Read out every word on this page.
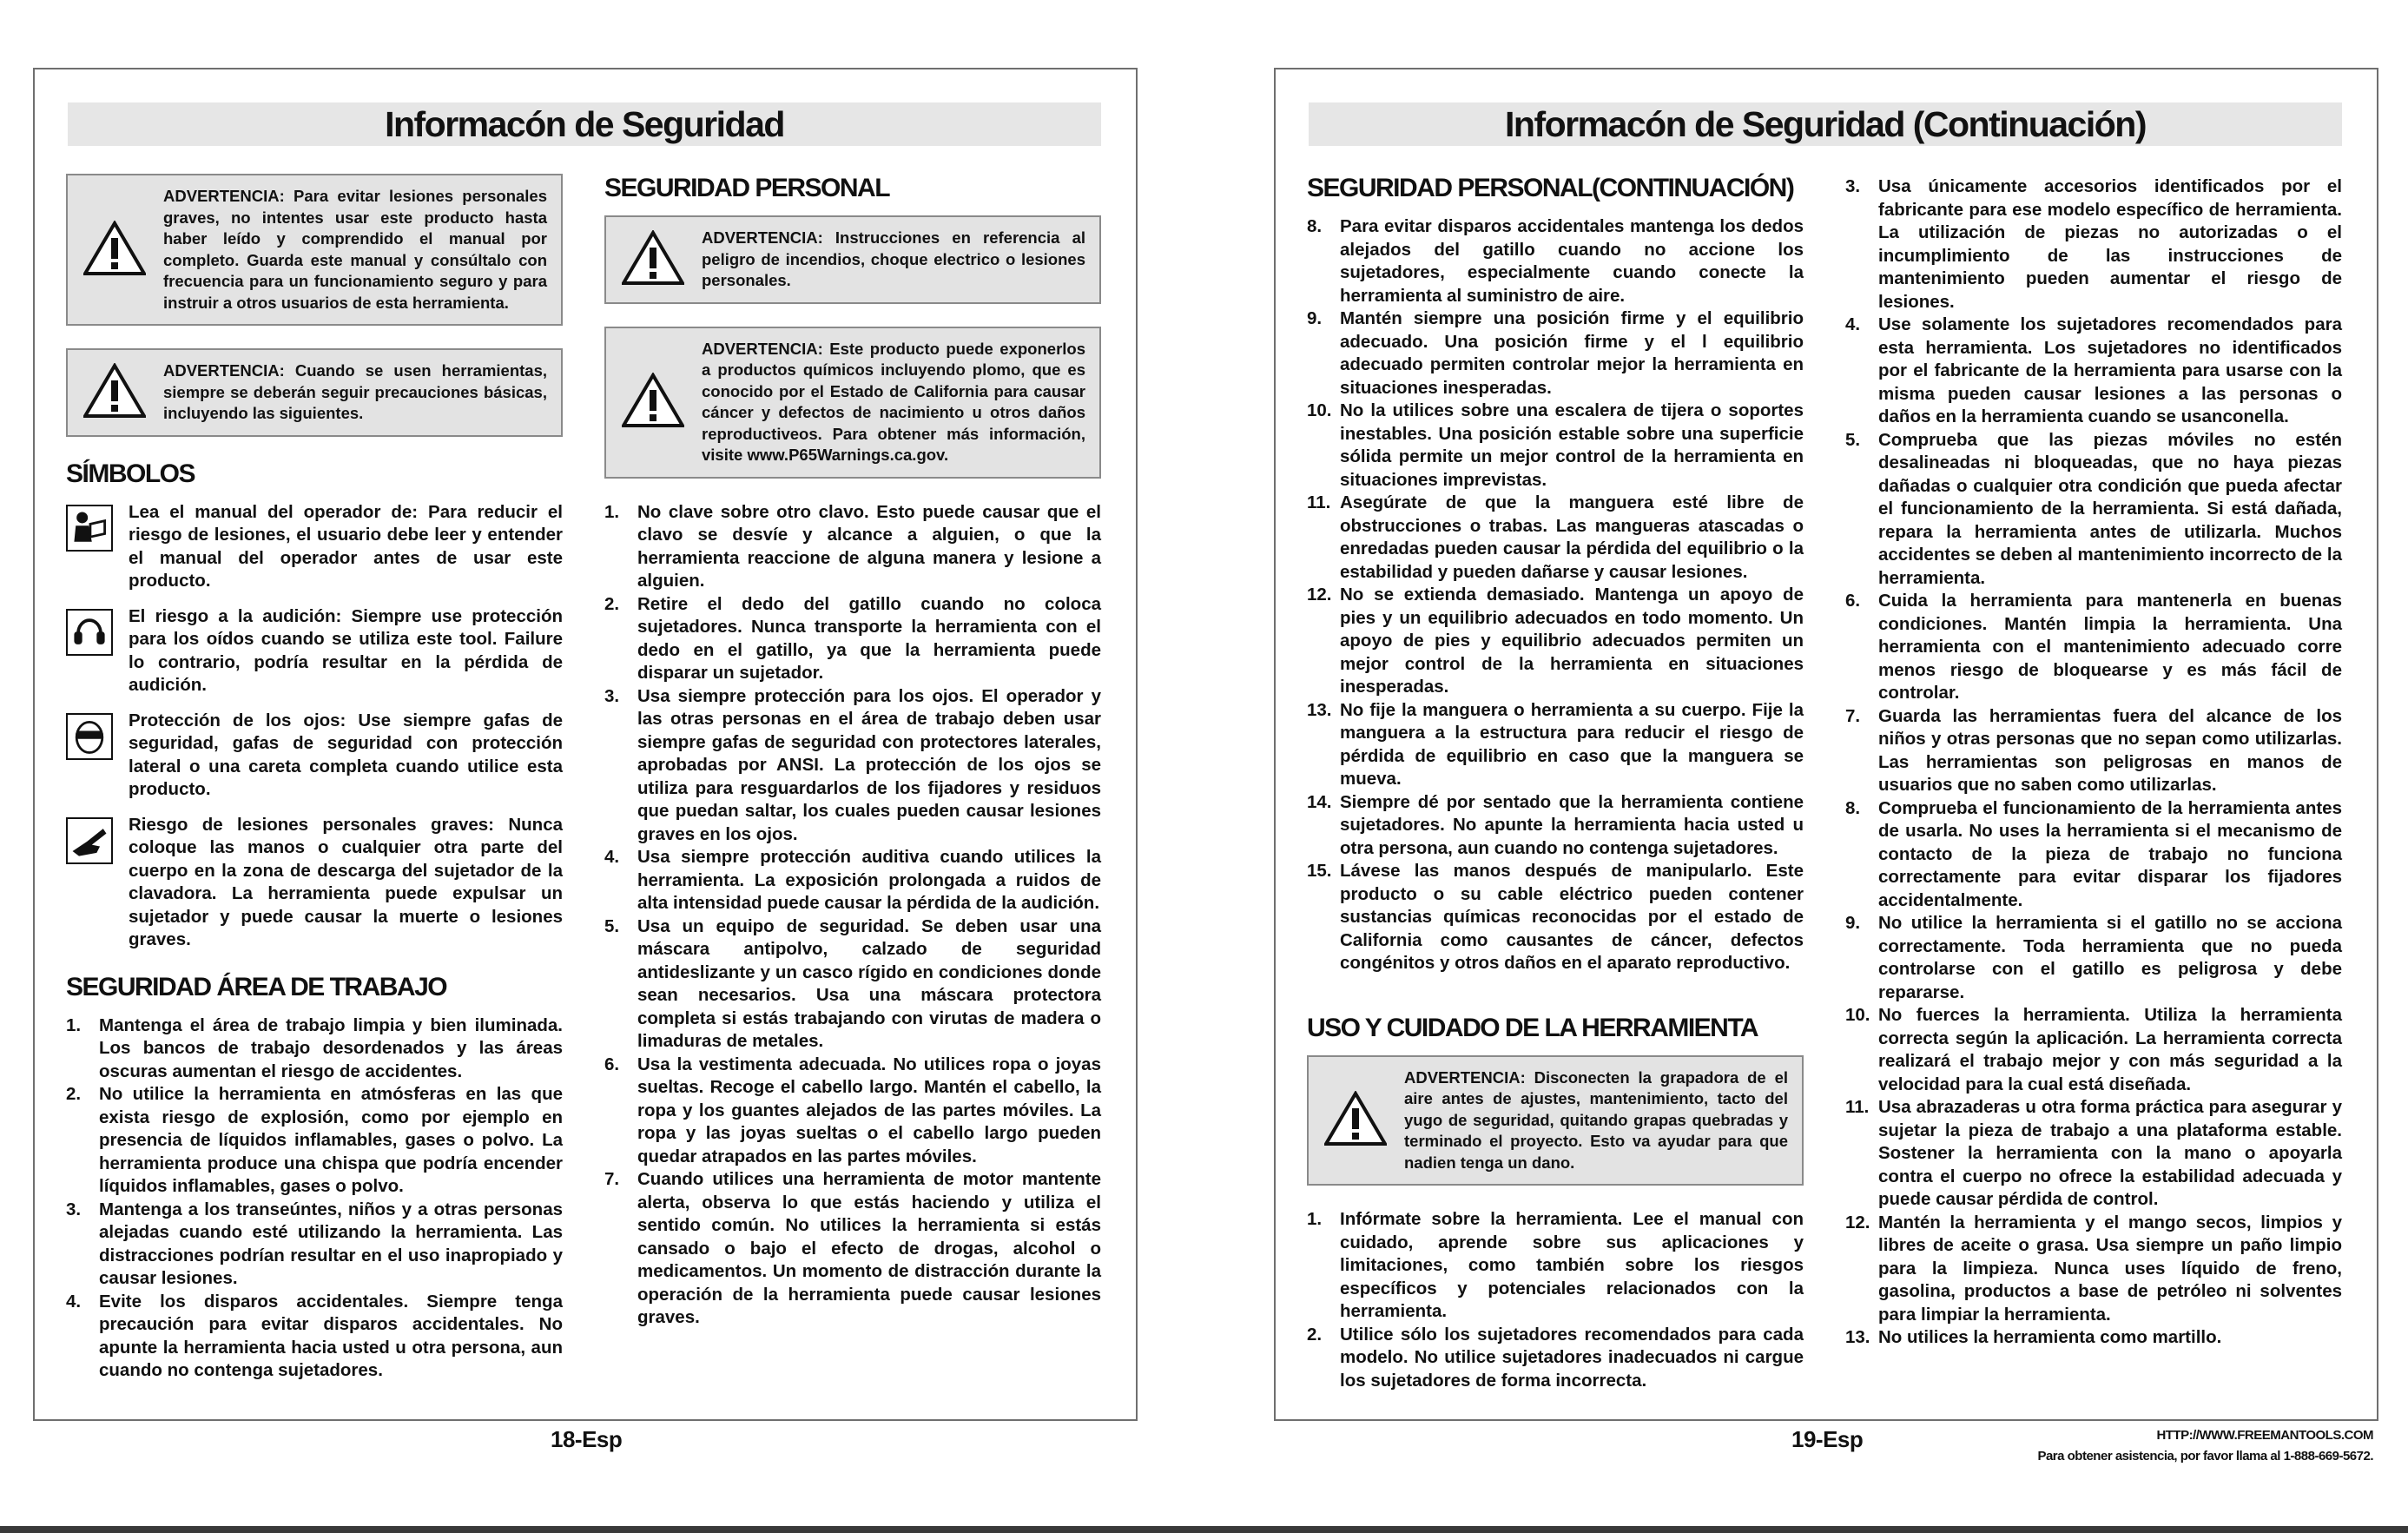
Informacón de Seguridad
ADVERTENCIA: Para evitar lesiones personales graves, no intentes usar este producto hasta haber leído y comprendido el manual por completo. Guarda este manual y consúltalo con frecuencia para un funcionamiento seguro y para instruir a otros usuarios de esta herramienta.
ADVERTENCIA: Cuando se usen herramientas, siempre se deberán seguir precauciones básicas, incluyendo las siguientes.
SÍMBOLOS
Lea el manual del operador de: Para reducir el riesgo de lesiones, el usuario debe leer y entender el manual del operador antes de usar este producto.
El riesgo a la audición: Siempre use protección para los oídos cuando se utiliza este tool. Failure lo contrario, podría resultar en la pérdida de audición.
Protección de los ojos: Use siempre gafas de seguridad, gafas de seguridad con protección lateral o una careta completa cuando utilice esta producto.
Riesgo de lesiones personales graves: Nunca coloque las manos o cualquier otra parte del cuerpo en la zona de descarga del sujetador de la clavadora. La herramienta puede expulsar un sujetador y puede causar la muerte o lesiones graves.
SEGURIDAD ÁREA DE TRABAJO
1. Mantenga el área de trabajo limpia y bien iluminada. Los bancos de trabajo desordenados y las áreas oscuras aumentan el riesgo de accidentes.
2. No utilice la herramienta en atmósferas en las que exista riesgo de explosión, como por ejemplo en presencia de líquidos inflamables, gases o polvo. La herramienta produce una chispa que podría encender líquidos inflamables, gases o polvo.
3. Mantenga a los transeúntes, niños y a otras personas alejadas cuando esté utilizando la herramienta. Las distracciones podrían resultar en el uso inapropiado y causar lesiones.
4. Evite los disparos accidentales. Siempre tenga precaución para evitar disparos accidentales. No apunte la herramienta hacia usted u otra persona, aun cuando no contenga sujetadores.
SEGURIDAD PERSONAL
ADVERTENCIA: Instrucciones en referencia al peligro de incendios, choque electrico o lesiones personales.
ADVERTENCIA: Este producto puede exponerlos a productos químicos incluyendo plomo, que es conocido por el Estado de California para causar cáncer y defectos de nacimiento u otros daños reproductiveos. Para obtener más información, visite www.P65Warnings.ca.gov.
1. No clave sobre otro clavo. Esto puede causar que el clavo se desvíe y alcance a alguien, o que la herramienta reaccione de alguna manera y lesione a alguien.
2. Retire el dedo del gatillo cuando no coloca sujetadores. Nunca transporte la herramienta con el dedo en el gatillo, ya que la herramienta puede disparar un sujetador.
3. Usa siempre protección para los ojos. El operador y las otras personas en el área de trabajo deben usar siempre gafas de seguridad con protectores laterales, aprobadas por ANSI. La protección de los ojos se utiliza para resguardarlos de los fijadores y residuos que puedan saltar, los cuales pueden causar lesiones graves en los ojos.
4. Usa siempre protección auditiva cuando utilices la herramienta. La exposición prolongada a ruidos de alta intensidad puede causar la pérdida de la audición.
5. Usa un equipo de seguridad. Se deben usar una máscara antipolvo, calzado de seguridad antideslizante y un casco rígido en condiciones donde sean necesarios. Usa una máscara protectora completa si estás trabajando con virutas de madera o limaduras de metales.
6. Usa la vestimenta adecuada. No utilices ropa o joyas sueltas. Recoge el cabello largo. Mantén el cabello, la ropa y los guantes alejados de las partes móviles. La ropa y las joyas sueltas o el cabello largo pueden quedar atrapados en las partes móviles.
7. Cuando utilices una herramienta de motor mantente alerta, observa lo que estás haciendo y utiliza el sentido común. No utilices la herramienta si estás cansado o bajo el efecto de drogas, alcohol o medicamentos. Un momento de distracción durante la operación de la herramienta puede causar lesiones graves.
Informacón de Seguridad (Continuación)
SEGURIDAD PERSONAL(CONTINUACIÓN)
8. Para evitar disparos accidentales mantenga los dedos alejados del gatillo cuando no accione los sujetadores, especialmente cuando conecte la herramienta al suministro de aire.
9. Mantén siempre una posición firme y el equilibrio adecuado. Una posición firme y el l equilibrio adecuado permiten controlar mejor la herramienta en situaciones inesperadas.
10. No la utilices sobre una escalera de tijera o soportes inestables. Una posición estable sobre una superficie sólida permite un mejor control de la herramienta en situaciones imprevistas.
11. Asegúrate de que la manguera esté libre de obstrucciones o trabas. Las mangueras atascadas o enredadas pueden causar la pérdida del equilibrio o la estabilidad y pueden dañarse y causar lesiones.
12. No se extienda demasiado. Mantenga un apoyo de pies y un equilibrio adecuados en todo momento. Un apoyo de pies y equilibrio adecuados permiten un mejor control de la herramienta en situaciones inesperadas.
13. No fije la manguera o herramienta a su cuerpo. Fije la manguera a la estructura para reducir el riesgo de pérdida de equilibrio en caso que la manguera se mueva.
14. Siempre dé por sentado que la herramienta contiene sujetadores. No apunte la herramienta hacia usted u otra persona, aun cuando no contenga sujetadores.
15. Lávese las manos después de manipularlo. Este producto o su cable eléctrico pueden contener sustancias químicas reconocidas por el estado de California como causantes de cáncer, defectos congénitos y otros daños en el aparato reproductivo.
USO Y CUIDADO DE LA HERRAMIENTA
ADVERTENCIA: Disconecten la grapadora de el aire antes de ajustes, mantenimiento, tacto del yugo de seguridad, quitando grapas quebradas y terminado el proyecto. Esto va ayudar para que nadien tenga un dano.
1. Infórmate sobre la herramienta. Lee el manual con cuidado, aprende sobre sus aplicaciones y limitaciones, como también sobre los riesgos específicos y potenciales relacionados con la herramienta.
2. Utilice sólo los sujetadores recomendados para cada modelo. No utilice sujetadores inadecuados ni cargue los sujetadores de forma incorrecta.
3. Usa únicamente accesorios identificados por el fabricante para ese modelo específico de herramienta. La utilización de piezas no autorizadas o el incumplimiento de las instrucciones de mantenimiento pueden aumentar el riesgo de lesiones.
4. Use solamente los sujetadores recomendados para esta herramienta. Los sujetadores no identificados por el fabricante de la herramienta para usarse con la misma pueden causar lesiones a las personas o daños en la herramienta cuando se usanconella.
5. Comprueba que las piezas móviles no estén desalineadas ni bloqueadas, que no haya piezas dañadas o cualquier otra condición que pueda afectar el funcionamiento de la herramienta. Si está dañada, repara la herramienta antes de utilizarla. Muchos accidentes se deben al mantenimiento incorrecto de la herramienta.
6. Cuida la herramienta para mantenerla en buenas condiciones. Mantén limpia la herramienta. Una herramienta con el mantenimiento adecuado corre menos riesgo de bloquearse y es más fácil de controlar.
7. Guarda las herramientas fuera del alcance de los niños y otras personas que no sepan como utilizarlas. Las herramientas son peligrosas en manos de usuarios que no saben como utilizarlas.
8. Comprueba el funcionamiento de la herramienta antes de usarla. No uses la herramienta si el mecanismo de contacto de la pieza de trabajo no funciona correctamente para evitar disparar los fijadores accidentalmente.
9. No utilice la herramienta si el gatillo no se acciona correctamente. Toda herramienta que no pueda controlarse con el gatillo es peligrosa y debe repararse.
10. No fuerces la herramienta. Utiliza la herramienta correcta según la aplicación. La herramienta correcta realizará el trabajo mejor y con más seguridad a la velocidad para la cual está diseñada.
11. Usa abrazaderas u otra forma práctica para asegurar y sujetar la pieza de trabajo a una plataforma estable. Sostener la herramienta con la mano o apoyarla contra el cuerpo no ofrece la estabilidad adecuada y puede causar pérdida de control.
12. Mantén la herramienta y el mango secos, limpios y libres de aceite o grasa. Usa siempre un paño limpio para la limpieza. Nunca uses líquido de freno, gasolina, productos a base de petróleo ni solventes para limpiar la herramienta.
13. No utilices la herramienta como martillo.
18-Esp	19-Esp	HTTP://WWW.FREEMANTOOLS.COM
Para obtener asistencia, por favor llama al 1-888-669-5672.
